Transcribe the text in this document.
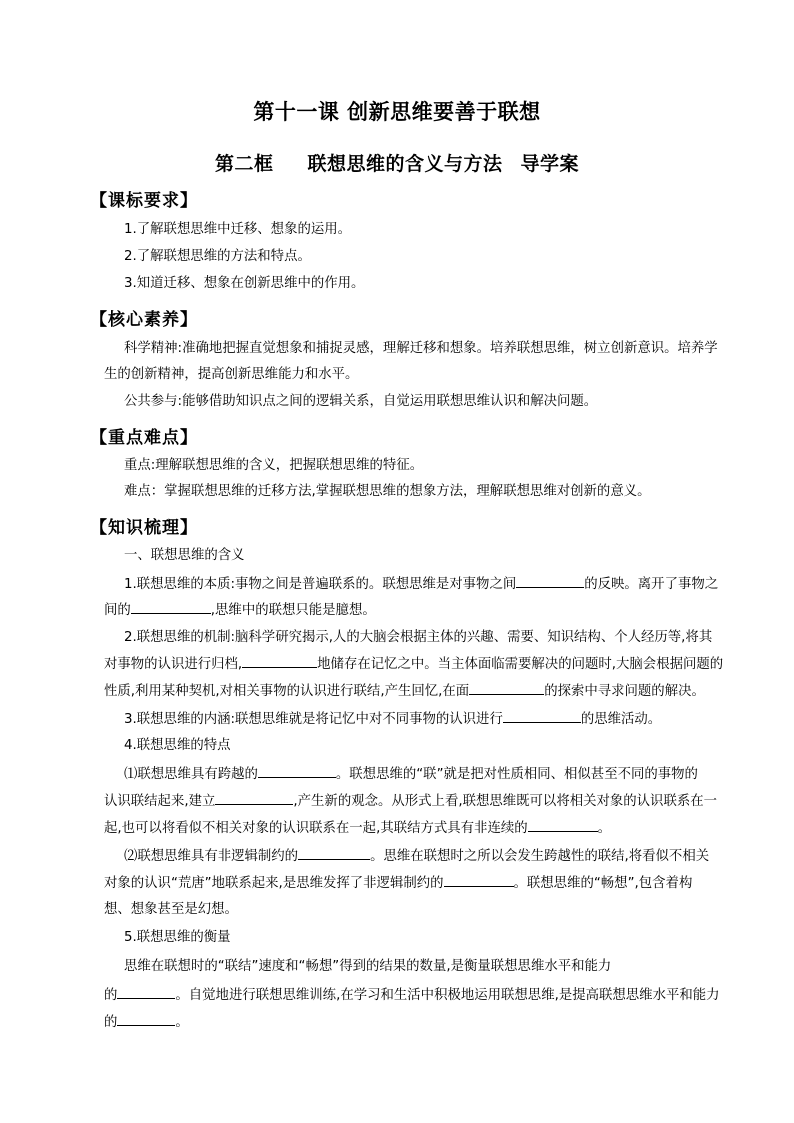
第十一课 创新思维要善于联想
第二框 联想思维的含义与方法 导学案
【课标要求】
1.了解联想思维中迁移、想象的运用。
2.了解联想思维的方法和特点。
3.知道迁移、想象在创新思维中的作用。
【核心素养】
科学精神:准确地把握直觉想象和捕捉灵感，理解迁移和想象。培养联想思维，树立创新意识。培养学
生的创新精神，提高创新思维能力和水平。
公共参与:能够借助知识点之间的逻辑关系，自觉运用联想思维认识和解决问题。
【重点难点】
重点:理解联想思维的含义，把握联想思维的特征。
难点：掌握联想思维的迁移方法,掌握联想思维的想象方法，理解联想思维对创新的意义。
【知识梳理】
一、联想思维的含义
1.联想思维的本质:事物之间是普遍联系的。联想思维是对事物之间	的反映。离开了事物之
间的	,思维中的联想只能是臆想。
2.联想思维的机制:脑科学研究揭示,人的大脑会根据主体的兴趣、需要、知识结构、个人经历等,将其
对事物的认识进行归档,	地储存在记忆之中。当主体面临需要解决的问题时,大脑会根据问题的
性质,利用某种契机,对相关事物的认识进行联结,产生回忆,在面	的探索中寻求问题的解决。
3.联想思维的内涵:联想思维就是将记忆中对不同事物的认识进行	的思维活动。
4.联想思维的特点
⑴联想思维具有跨越的	。联想思维的“联”就是把对性质相同、相似甚至不同的事物的
认识联结起来,建立	,产生新的观念。从形式上看,联想思维既可以将相关对象的认识联系在一
起,也可以将看似不相关对象的认识联系在一起,其联结方式具有非连续的	。
⑵联想思维具有非逻辑制约的	。思维在联想时之所以会发生跨越性的联结,将看似不相关
对象的认识“荒唐”地联系起来,是思维发挥了非逻辑制约的	。联想思维的“畅想”,包含着构
想、想象甚至是幻想。
5.联想思维的衡量
思维在联想时的“联结”速度和“畅想”得到的结果的数量,是衡量联想思维水平和能力
的	。自觉地进行联想思维训练,在学习和生活中积极地运用联想思维,是提高联想思维水平和能力
的	。
